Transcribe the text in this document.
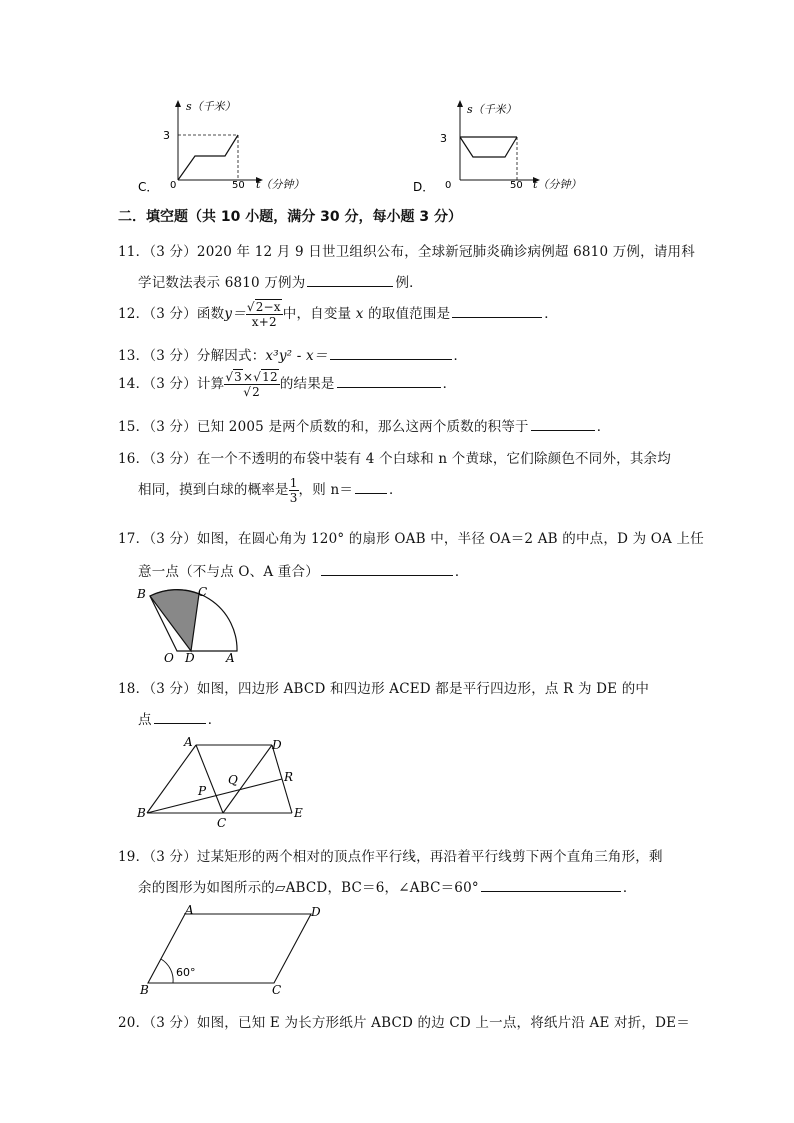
C．
s（千米）
3
0	50 t（分钟）	D．
s（千米）
3
0	50 t（分钟）
二．填空题（共 10 小题，满分 30 分，每小题 3 分）
11．（3 分）2020 年 12 月 9 日世卫组织公布，全球新冠肺炎确诊病例超 6810 万例，请用科
学记数法表示 6810 万例为	例．
12．（3 分）函数$y= \frac{√2-x}{x+2}$ 中，自变量 x 的取值范围是	．
13．（3 分）分解因式：x³y² - x＝	．
14．（3 分）计算 $\frac{√3\times√12}{√2}$ 的结果是	．
15．（3 分）已知 2005 是两个质数的和，那么这两个质数的积等于	．
16．（3 分）在一个不透明的布袋中装有 4 个白球和 n 个黄球，它们除颜色不同外，其余均
相同，摸到白球的概率是 $\frac{1}{3}$ ，则 n＝	．
17．（3 分）如图，在圆心角为 120° 的扇形 OAB 中，半径 OA＝2 AB 的中点，D 为 OA 上任
意一点（不与点 O、A 重合）	．
B	C
O D	A
18．（3 分）如图，四边形 ABCD 和四边形 ACED 都是平行四边形，点 R 为 DE 的中
点	．
A	D
B
C
E
P
Q	R
19．（3 分）过某矩形的两个相对的顶点作平行线，再沿着平行线剪下两个直角三角形，剩
余的图形为如图所示的▱ABCD，BC＝6，∠ABC＝60°	．
A	D
B	C
60°
20．（3 分）如图，已知 E 为长方形纸片 ABCD 的边 CD 上一点，将纸片沿 AE 对折，DE＝
